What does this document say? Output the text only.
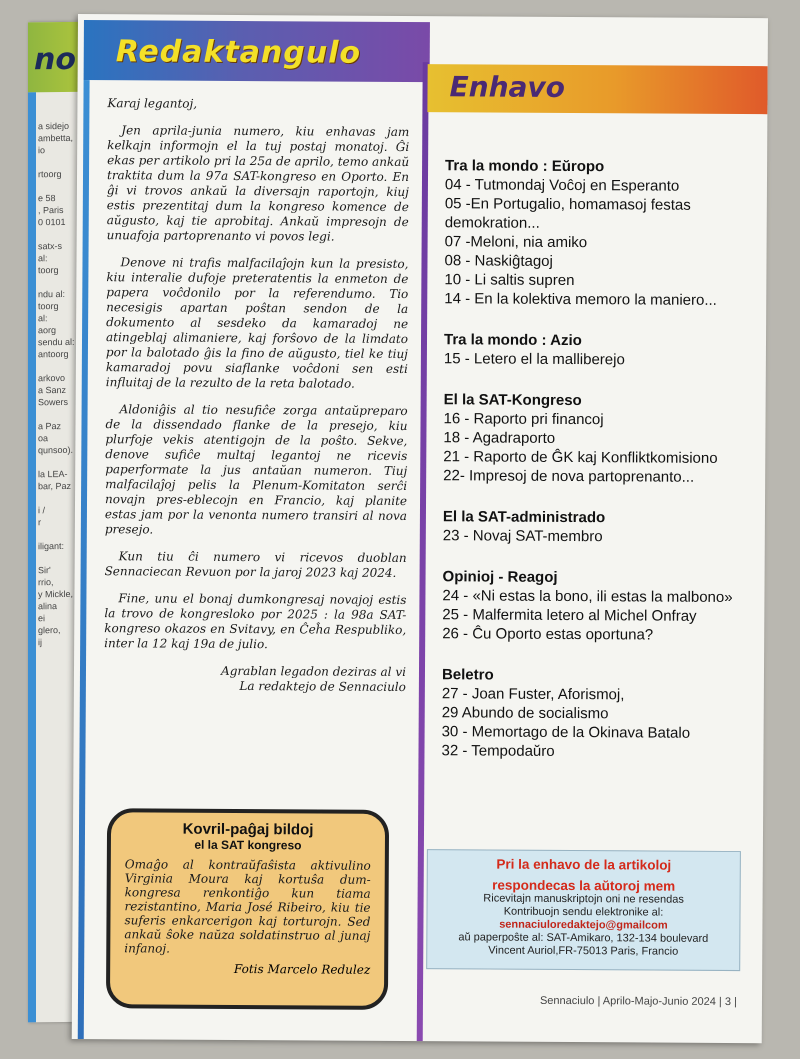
no
a sidejo
ambetta,
io
rtoorg
e 58
, Paris
0 0101
satx-s
al:
toorg
ndu al:
toorg
al:
aorg
sendu al:
antoorg
arkovo
a Sanz
Sowers
a Paz
oa
qunsoo).
la LEA-
bar, Paz
i /
r
iligant:
Sir'
rrio,
y Mickle,
alina
ei
glero,
ij
Redaktangulo
Enhavo

Karaj legantoj,

Jen aprila-junia numero, kiu enhavas jam kelkajn informojn el la tuj postaj monatoj. Ĝi ekas per artikolo pri la 25a de aprilo, temo ankaŭ traktita dum la 97a SAT-kongreso en Oporto. En ĝi vi trovos ankaŭ la diversajn raportojn, kiuj estis prezentitaj dum la kongreso komence de aŭgusto, kaj tie aprobitaj. Ankaŭ impresojn de unuafoja partoprenanto vi povos legi.

Denove ni trafis malfacilaĵojn kun la presisto, kiu interalie dufoje preteratentis la enmeton de papera voĉdonilo por la referendumo. Tio necesigis apartan poŝtan sendon de la dokumento al sesdeko da kamaradoj ne atingeblaj alimaniere, kaj forŝovo de la limdato por la balotado ĝis la fino de aŭgusto, tiel ke tiuj kamaradoj povu siaflanke voĉdoni sen esti influitaj de la rezulto de la reta balotado.

Aldoniĝis al tio nesufiĉe zorga antaŭpreparo de la dissendado flanke de la presejo, kiu plurfoje vekis atentigojn de la poŝto. Sekve, denove sufiĉe multaj legantoj ne ricevis paperformate la jus antaŭan numeron. Tiuj malfacilaĵoj pelis la Plenum-Komitaton serĉi novajn pres-eblecojn en Francio, kaj planite estas jam por la venonta numero transiri al nova presejo.

Kun tiu ĉi numero vi ricevos duoblan Sennaciecan Revuon por la jaroj 2023 kaj 2024.

Fine, unu el bonaj dumkongresaj novajoj estis la trovo de kongresloko por 2025 : la 98a SAT-kongreso okazos en Svitavy, en Ĉeĥa Respubliko, inter la 12 kaj 19a de julio.

Agrablan legadon deziras al vi

La redaktejo de Sennaciulo

Kovril-paĝaj bildoj
el la SAT kongreso
Omaĝo al kontraŭfaŝista aktivulino Virginia Moura kaj kortuŝa dum-kongresa renkontiĝo kun tiama rezistantino, Maria José Ribeiro, kiu tie suferis enkarcerigon kaj torturojn. Sed ankaŭ ŝoke naŭza soldatinstruo al junaj infanoj.
Fotis Marcelo Redulez
Tra la mondo : Eŭropo
04 - Tutmondaj Voĉoj en Esperanto
05 -En Portugalio, homamasoj festas demokration...
07 -Meloni, nia amiko
08 - Naskiĝtagoj
10 - Li saltis supren
14 - En la kolektiva memoro la maniero...
Tra la mondo : Azio
15 - Letero el la malliberejo
El la SAT-Kongreso
16 - Raporto pri financoj
18 - Agadraporto
21 - Raporto de ĜK kaj Konfliktkomisiono
22- Impresoj de nova partoprenanto...
El la SAT-administrado
23 - Novaj SAT-membro
Opinioj - Reagoj
24 - «Ni estas la bono, ili estas la malbono»
25 - Malfermita letero al Michel Onfray
26 - Ĉu Oporto estas oportuna?
Beletro
27 - Joan Fuster, Aforismoj,
29 Abundo de socialismo
30 - Memortago de la Okinava Batalo
32 - Tempodaŭro
Pri la enhavo de la artikoloj
respondecas la aŭtoroj mem
Ricevitajn manuskriptojn oni ne resendas
Kontribuojn sendu elektronike al:
sennaciuloredaktejo@gmailcom
aŭ paperpoŝte al: SAT-Amikaro, 132-134 boulevard
Vincent Auriol,FR-75013 Paris, Francio
Sennaciulo | Aprilo-Majo-Junio 2024 | 3 |
